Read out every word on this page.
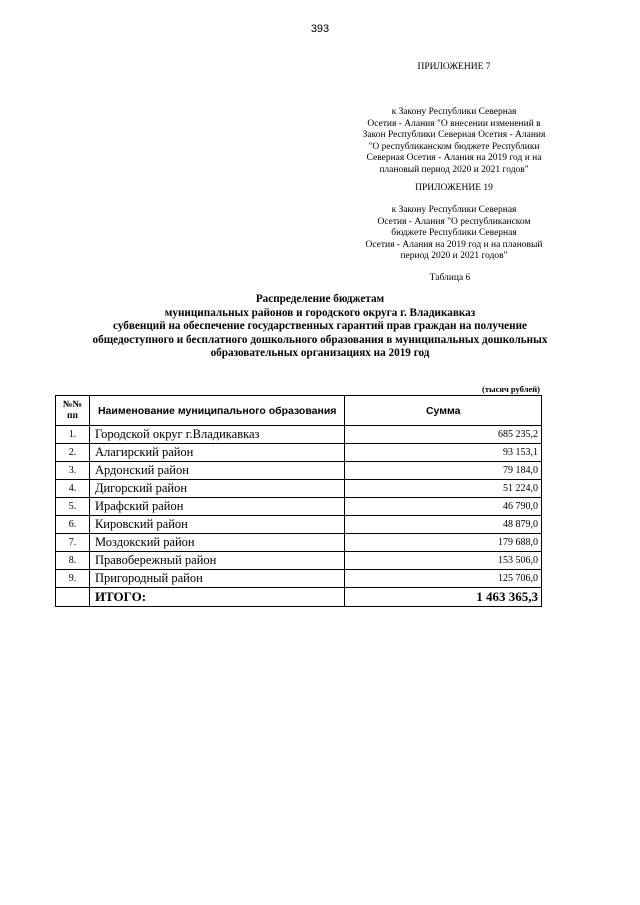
393
ПРИЛОЖЕНИЕ 7
к Закону Республики Северная
Осетия - Алания "О внесении изменений в
Закон Республики Северная Осетия - Алания
"О республиканском бюджете Республики
Северная Осетия - Алания на 2019 год и на
плановый период 2020 и 2021 годов"
ПРИЛОЖЕНИЕ 19
к Закону Республики Северная
Осетия - Алания "О республиканском
бюджете Республики Северная
Осетия - Алания на 2019 год и на плановый
период 2020 и 2021 годов"
Таблица 6
Распределение бюджетам
муниципальных районов и городского округа г. Владикавказ
субвенций на обеспечение государственных гарантий прав граждан на получение
общедоступного и бесплатного дошкольного образования в муниципальных дошкольных
образовательных организациях на 2019 год
(тысяч рублей)
№№
пп	Наименование муниципального образования	Сумма
1.	Городской округ г.Владикавказ	685 235,2
2.	Алагирский район	93 153,1
3.	Ардонский район	79 184,0
4.	Дигорский район	51 224,0
5.	Ирафский район	46 790,0
6.	Кировский район	48 879,0
7.	Моздокский район	179 688,0
8.	Правобережный район	153 506,0
9.	Пригородный район	125 706,0
	ИТОГО:	1 463 365,3
